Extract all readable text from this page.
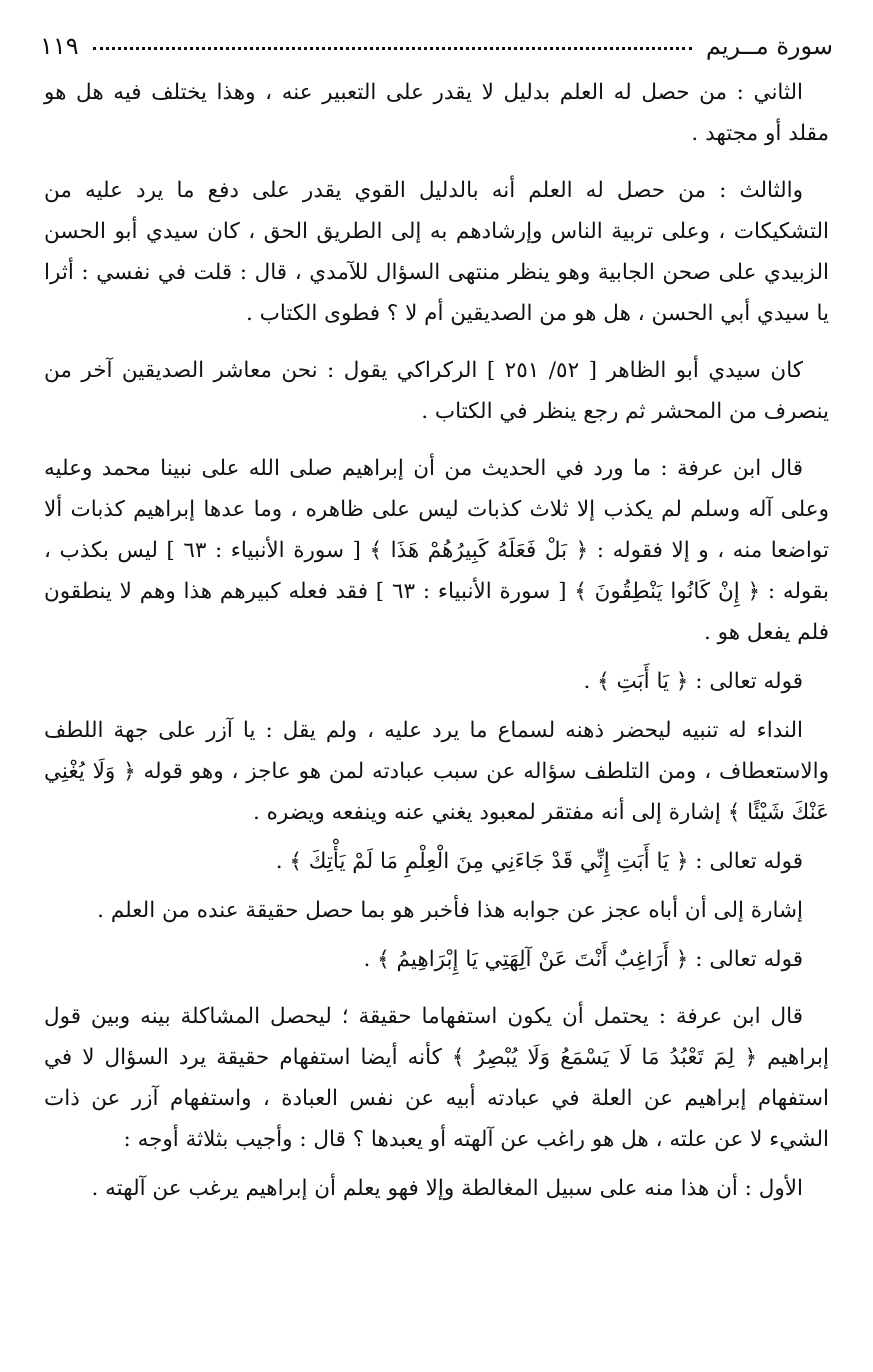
سورة مــريم
١١٩

الثاني : من حصل له العلم بدليل لا يقدر على التعبير عنه ، وهذا يختلف فيه هل هو مقلد أو مجتهد .

والثالث : من حصل له العلم أنه بالدليل القوي يقدر على دفع ما يرد عليه من التشكيكات ، وعلى تربية الناس وإرشادهم به إلى الطريق الحق ، كان سيدي أبو الحسن الزبيدي على صحن الجابية وهو ينظر منتهى السؤال للآمدي ، قال : قلت في نفسي : أثرا يا سيدي أبي الحسن ، هل هو من الصديقين أم لا ؟ فطوى الكتاب .

كان سيدي أبو الظاهر [ ٥٢/ ٢٥١ ] الركراكي يقول : نحن معاشر الصديقين آخر من ينصرف من المحشر ثم رجع ينظر في الكتاب .

قال ابن عرفة : ما ورد في الحديث من أن إبراهيم صلى الله على نبينا محمد وعليه وعلى آله وسلم لم يكذب إلا ثلاث كذبات ليس على ظاهره ، وما عدها إبراهيم كذبات ألا تواضعا منه ، و إلا فقوله : ﴿ بَلْ فَعَلَهُ كَبِيرُهُمْ هَذَا ﴾ [ سورة الأنبياء : ٦٣ ] ليس بكذب ، بقوله : ﴿ إِنْ كَانُوا يَنْطِقُونَ ﴾ [ سورة الأنبياء : ٦٣ ] فقد فعله كبيرهم هذا وهم لا ينطقون فلم يفعل هو .

قوله تعالى : ﴿ يَا أَبَتِ ﴾ .

النداء له تنبيه ليحضر ذهنه لسماع ما يرد عليه ، ولم يقل : يا آزر على جهة اللطف والاستعطاف ، ومن التلطف سؤاله عن سبب عبادته لمن هو عاجز ، وهو قوله ﴿ وَلَا يُغْنِي عَنْكَ شَيْئًا ﴾ إشارة إلى أنه مفتقر لمعبود يغني عنه وينفعه ويضره .

قوله تعالى : ﴿ يَا أَبَتِ إِنِّي قَدْ جَاءَنِي مِنَ الْعِلْمِ مَا لَمْ يَأْتِكَ ﴾ .

إشارة إلى أن أباه عجز عن جوابه هذا فأخبر هو بما حصل حقيقة عنده من العلم .

قوله تعالى : ﴿ أَرَاغِبٌ أَنْتَ عَنْ آلِهَتِي يَا إِبْرَاهِيمُ ﴾ .

قال ابن عرفة : يحتمل أن يكون استفهاما حقيقة ؛ ليحصل المشاكلة بينه وبين قول إبراهيم ﴿ لِمَ تَعْبُدُ مَا لَا يَسْمَعُ وَلَا يُبْصِرُ ﴾ كأنه أيضا استفهام حقيقة يرد السؤال لا في استفهام إبراهيم عن العلة في عبادته أبيه عن نفس العبادة ، واستفهام آزر عن ذات الشيء لا عن علته ، هل هو راغب عن آلهته أو يعبدها ؟ قال : وأجيب بثلاثة أوجه :

الأول : أن هذا منه على سبيل المغالطة وإلا فهو يعلم أن إبراهيم يرغب عن آلهته .
